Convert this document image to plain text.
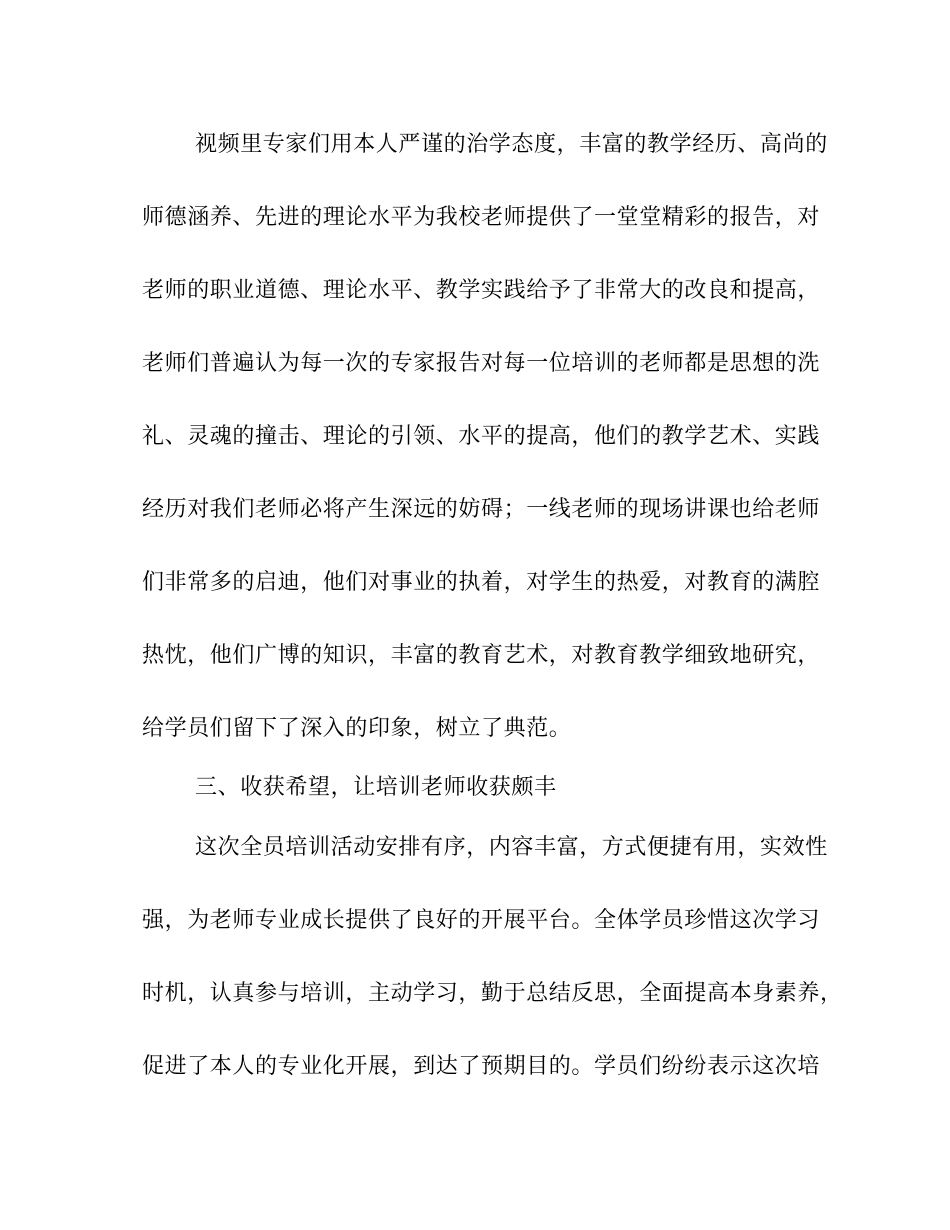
视频里专家们用本人严谨的治学态度，丰富的教学经历、高尚的
师德涵养、先进的理论水平为我校老师提供了一堂堂精彩的报告，对
老师的职业道德、理论水平、教学实践给予了非常大的改良和提高，
老师们普遍认为每一次的专家报告对每一位培训的老师都是思想的洗
礼、灵魂的撞击、理论的引领、水平的提高，他们的教学艺术、实践
经历对我们老师必将产生深远的妨碍；一线老师的现场讲课也给老师
们非常多的启迪，他们对事业的执着，对学生的热爱，对教育的满腔
热忱，他们广博的知识，丰富的教育艺术，对教育教学细致地研究，
给学员们留下了深入的印象，树立了典范。
三、收获希望，让培训老师收获颇丰
这次全员培训活动安排有序，内容丰富，方式便捷有用，实效性
强，为老师专业成长提供了良好的开展平台。全体学员珍惜这次学习
时机，认真参与培训，主动学习，勤于总结反思，全面提高本身素养，
促进了本人的专业化开展，到达了预期目的。学员们纷纷表示这次培
